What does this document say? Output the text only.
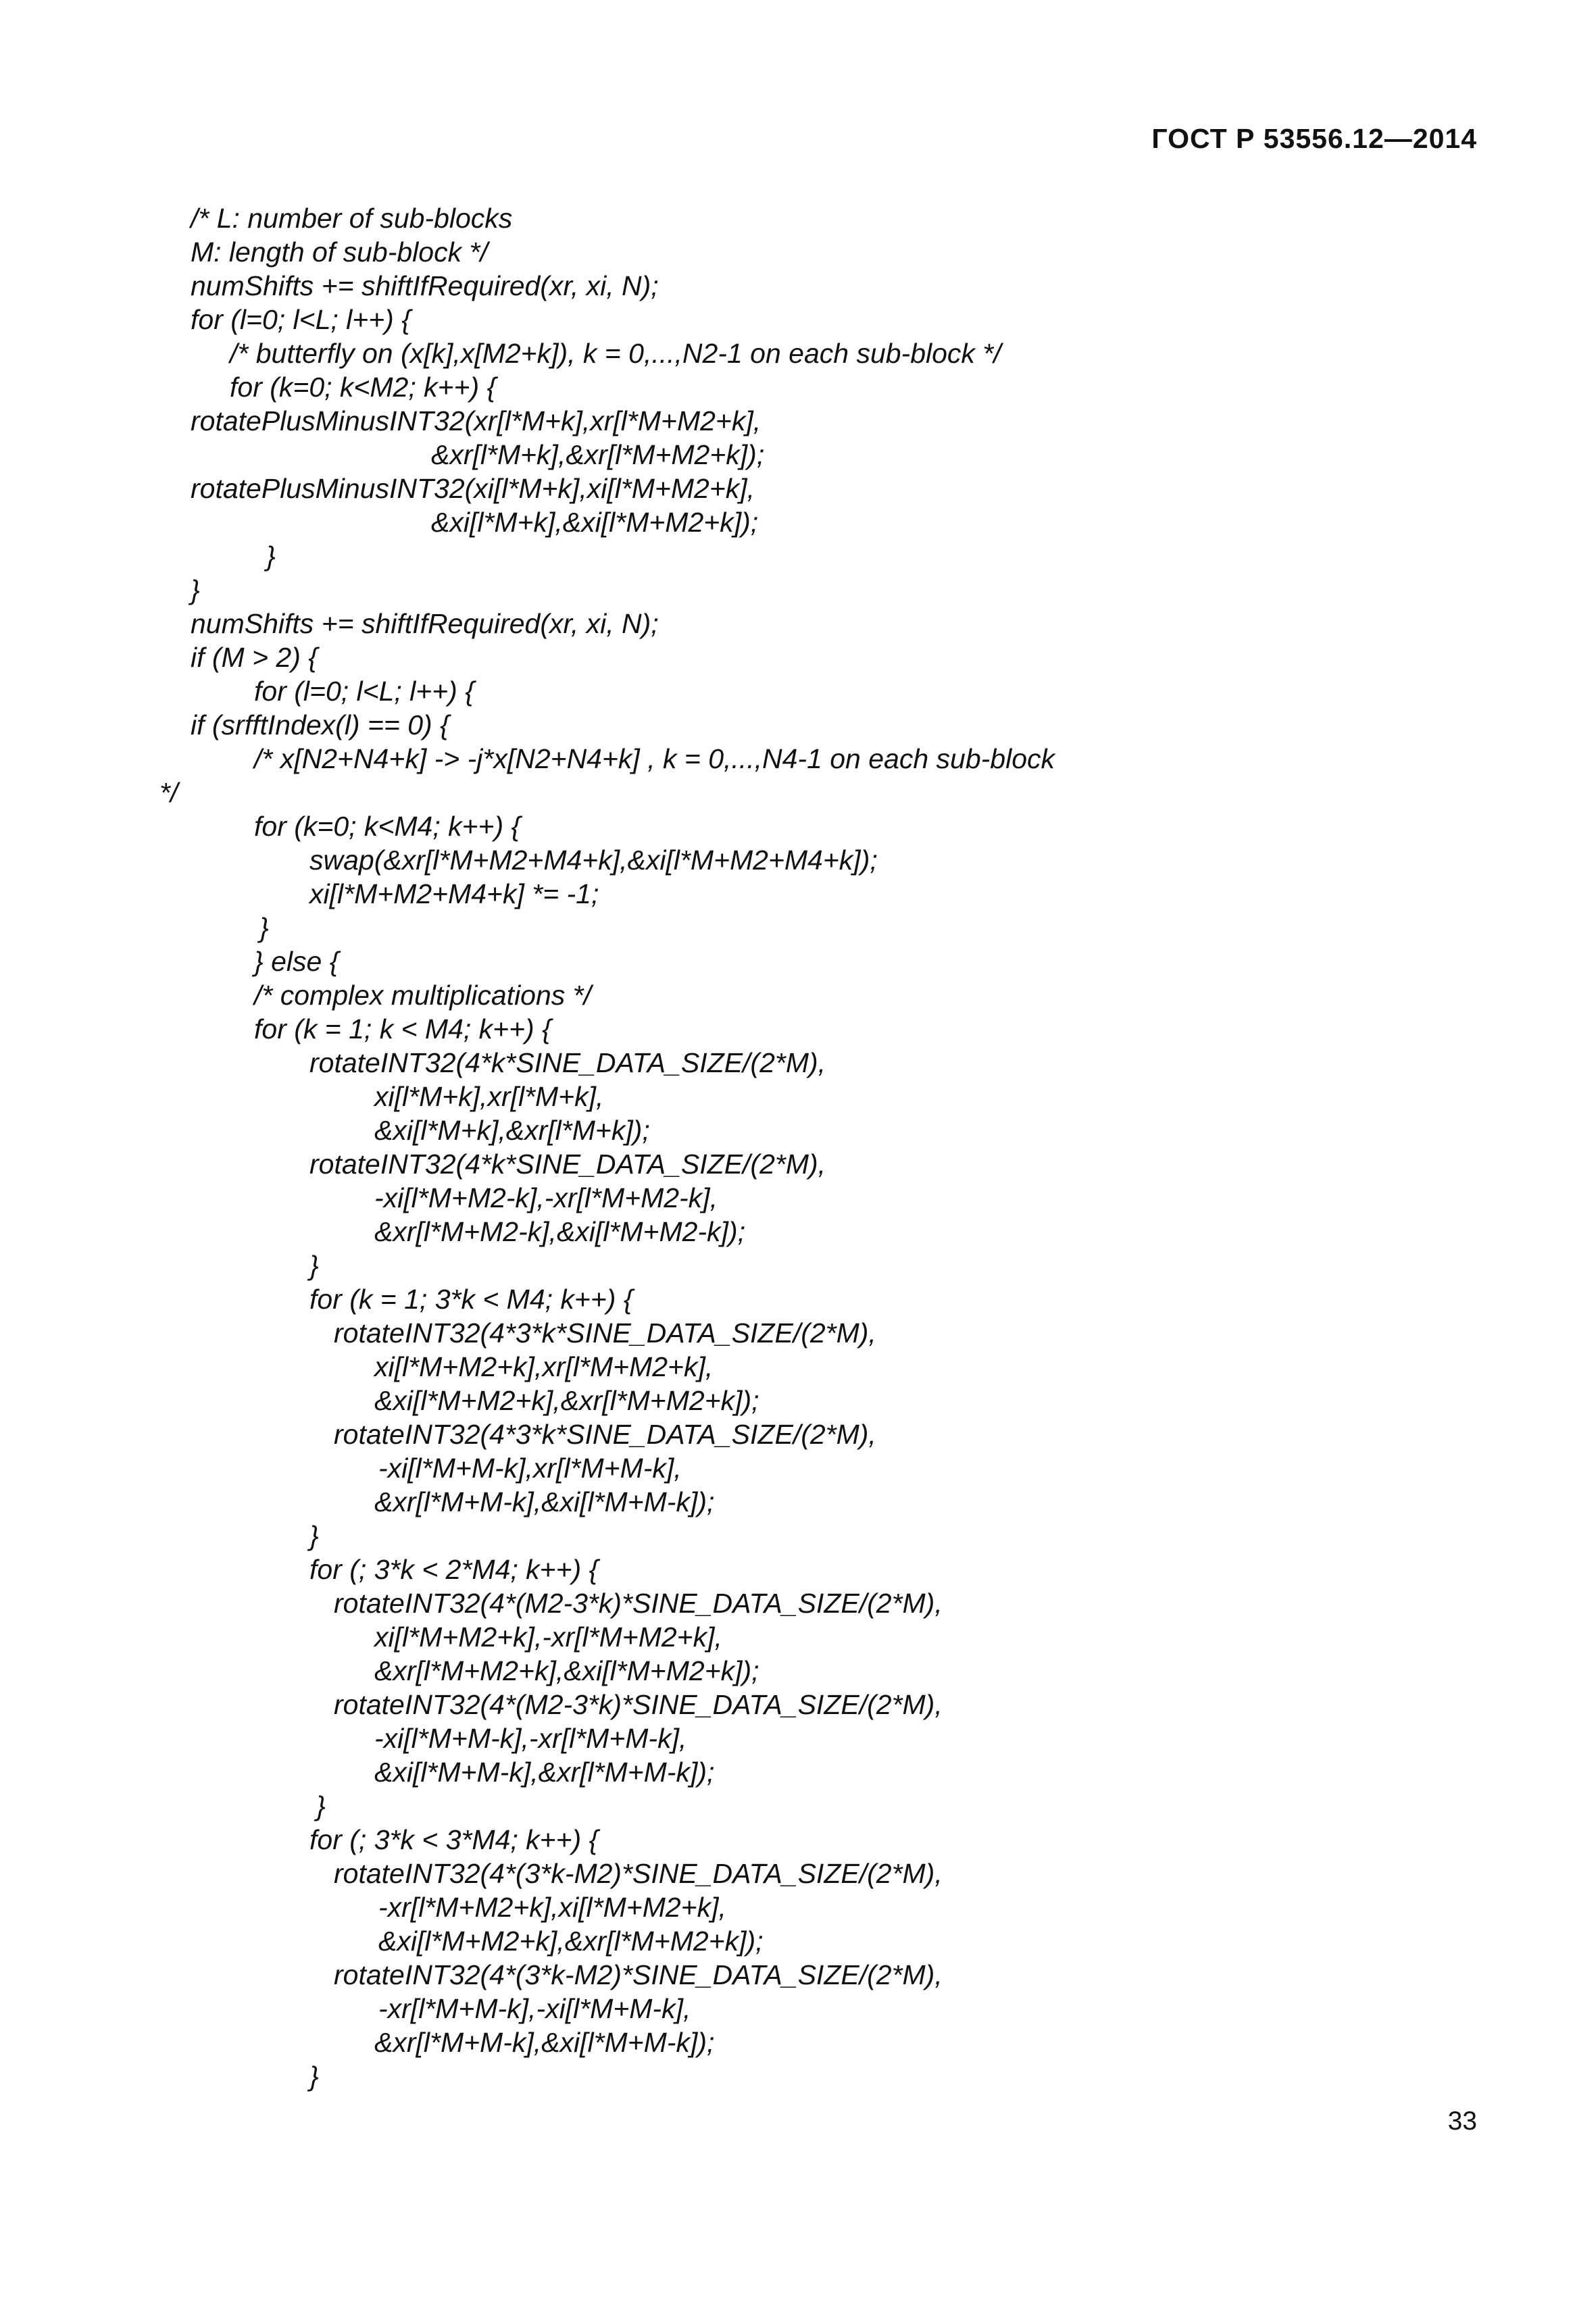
ГОСТ Р 53556.12—2014
/* L: number of sub-blocks
M: length of sub-block */
numShifts += shiftIfRequired(xr, xi, N);
for (l=0; l<L; l++) {
/* butterfly on (x[k],x[M2+k]), k = 0,...,N2-1 on each sub-block */
for (k=0; k<M2; k++) {
rotatePlusMinusINT32(xr[l*M+k],xr[l*M+M2+k],
&xr[l*M+k],&xr[l*M+M2+k]);
rotatePlusMinusINT32(xi[l*M+k],xi[l*M+M2+k],
&xi[l*M+k],&xi[l*M+M2+k]);
}
}
numShifts += shiftIfRequired(xr, xi, N);
if (M > 2) {
for (l=0; l<L; l++) {
if (srfftIndex(l) == 0) {
/* x[N2+N4+k] -> -j*x[N2+N4+k] , k = 0,...,N4-1 on each sub-block
*/
for (k=0; k<M4; k++) {
swap(&xr[l*M+M2+M4+k],&xi[l*M+M2+M4+k]);
xi[l*M+M2+M4+k] *= -1;
}
} else {
/* complex multiplications */
for (k = 1; k < M4; k++) {
rotateINT32(4*k*SINE_DATA_SIZE/(2*M),
xi[l*M+k],xr[l*M+k],
&xi[l*M+k],&xr[l*M+k]);
rotateINT32(4*k*SINE_DATA_SIZE/(2*M),
-xi[l*M+M2-k],-xr[l*M+M2-k],
&xr[l*M+M2-k],&xi[l*M+M2-k]);
}
for (k = 1; 3*k < M4; k++) {
rotateINT32(4*3*k*SINE_DATA_SIZE/(2*M),
xi[l*M+M2+k],xr[l*M+M2+k],
&xi[l*M+M2+k],&xr[l*M+M2+k]);
rotateINT32(4*3*k*SINE_DATA_SIZE/(2*M),
-xi[l*M+M-k],xr[l*M+M-k],
&xr[l*M+M-k],&xi[l*M+M-k]);
}
for (; 3*k < 2*M4; k++) {
rotateINT32(4*(M2-3*k)*SINE_DATA_SIZE/(2*M),
xi[l*M+M2+k],-xr[l*M+M2+k],
&xr[l*M+M2+k],&xi[l*M+M2+k]);
rotateINT32(4*(M2-3*k)*SINE_DATA_SIZE/(2*M),
-xi[l*M+M-k],-xr[l*M+M-k],
&xi[l*M+M-k],&xr[l*M+M-k]);
}
for (; 3*k < 3*M4; k++) {
rotateINT32(4*(3*k-M2)*SINE_DATA_SIZE/(2*M),
-xr[l*M+M2+k],xi[l*M+M2+k],
&xi[l*M+M2+k],&xr[l*M+M2+k]);
rotateINT32(4*(3*k-M2)*SINE_DATA_SIZE/(2*M),
-xr[l*M+M-k],-xi[l*M+M-k],
&xr[l*M+M-k],&xi[l*M+M-k]);
}
33
